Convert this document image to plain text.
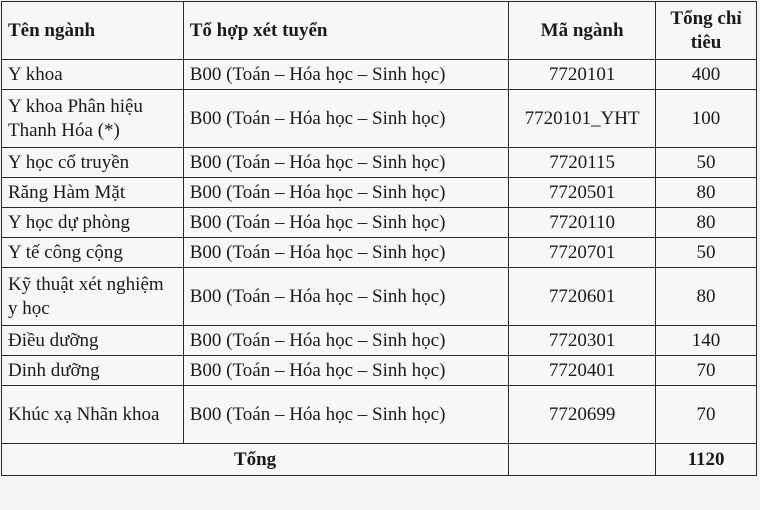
Tên ngành	Tổ hợp xét tuyển	Mã ngành	Tổng chỉ tiêu
Y khoa	B00 (Toán – Hóa học – Sinh học)	7720101	400
Y khoa Phân hiệu Thanh Hóa (*)	B00 (Toán – Hóa học – Sinh học)	7720101_YHT	100
Y học cổ truyền	B00 (Toán – Hóa học – Sinh học)	7720115	50
Răng Hàm Mặt	B00 (Toán – Hóa học – Sinh học)	7720501	80
Y học dự phòng	B00 (Toán – Hóa học – Sinh học)	7720110	80
Y tế công cộng	B00 (Toán – Hóa học – Sinh học)	7720701	50
Kỹ thuật xét nghiệm y học	B00 (Toán – Hóa học – Sinh học)	7720601	80
Điều dưỡng	B00 (Toán – Hóa học – Sinh học)	7720301	140
Dinh dưỡng	B00 (Toán – Hóa học – Sinh học)	7720401	70
Khúc xạ Nhãn khoa	B00 (Toán – Hóa học – Sinh học)	7720699	70
Tổng			1120
